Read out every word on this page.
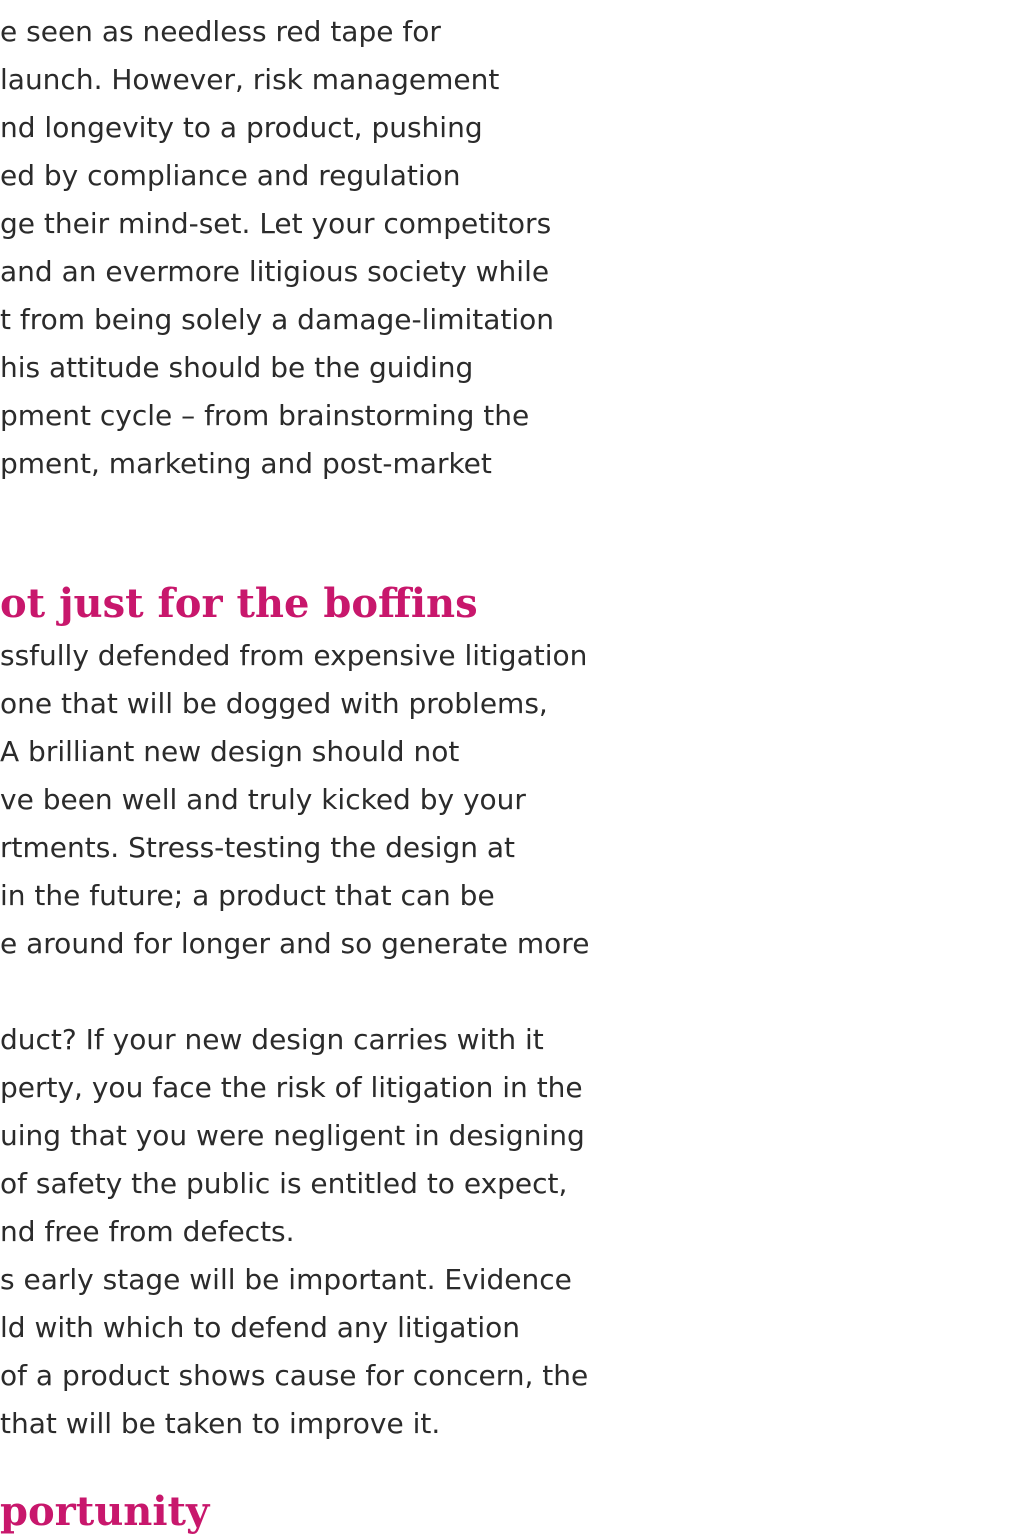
e seen as needless red tape for
launch. However, risk management
nd longevity to a product, pushing
ed by compliance and regulation
ge their mind-set. Let your competitors
and an evermore litigious society while
t from being solely a damage-limitation
his attitude should be the guiding
pment cycle – from brainstorming the
pment, marketing and post-market
ot just for the boffins
ssfully defended from expensive litigation
one that will be dogged with problems,
A brilliant new design should not
ve been well and truly kicked by your
rtments. Stress-testing the design at
in the future; a product that can be
e around for longer and so generate more
duct? If your new design carries with it
perty, you face the risk of litigation in the
uing that you were negligent in designing
of safety the public is entitled to expect,
nd free from defects.
s early stage will be important. Evidence
ld with which to defend any litigation
of a product shows cause for concern, the
that will be taken to improve it.
portunity
